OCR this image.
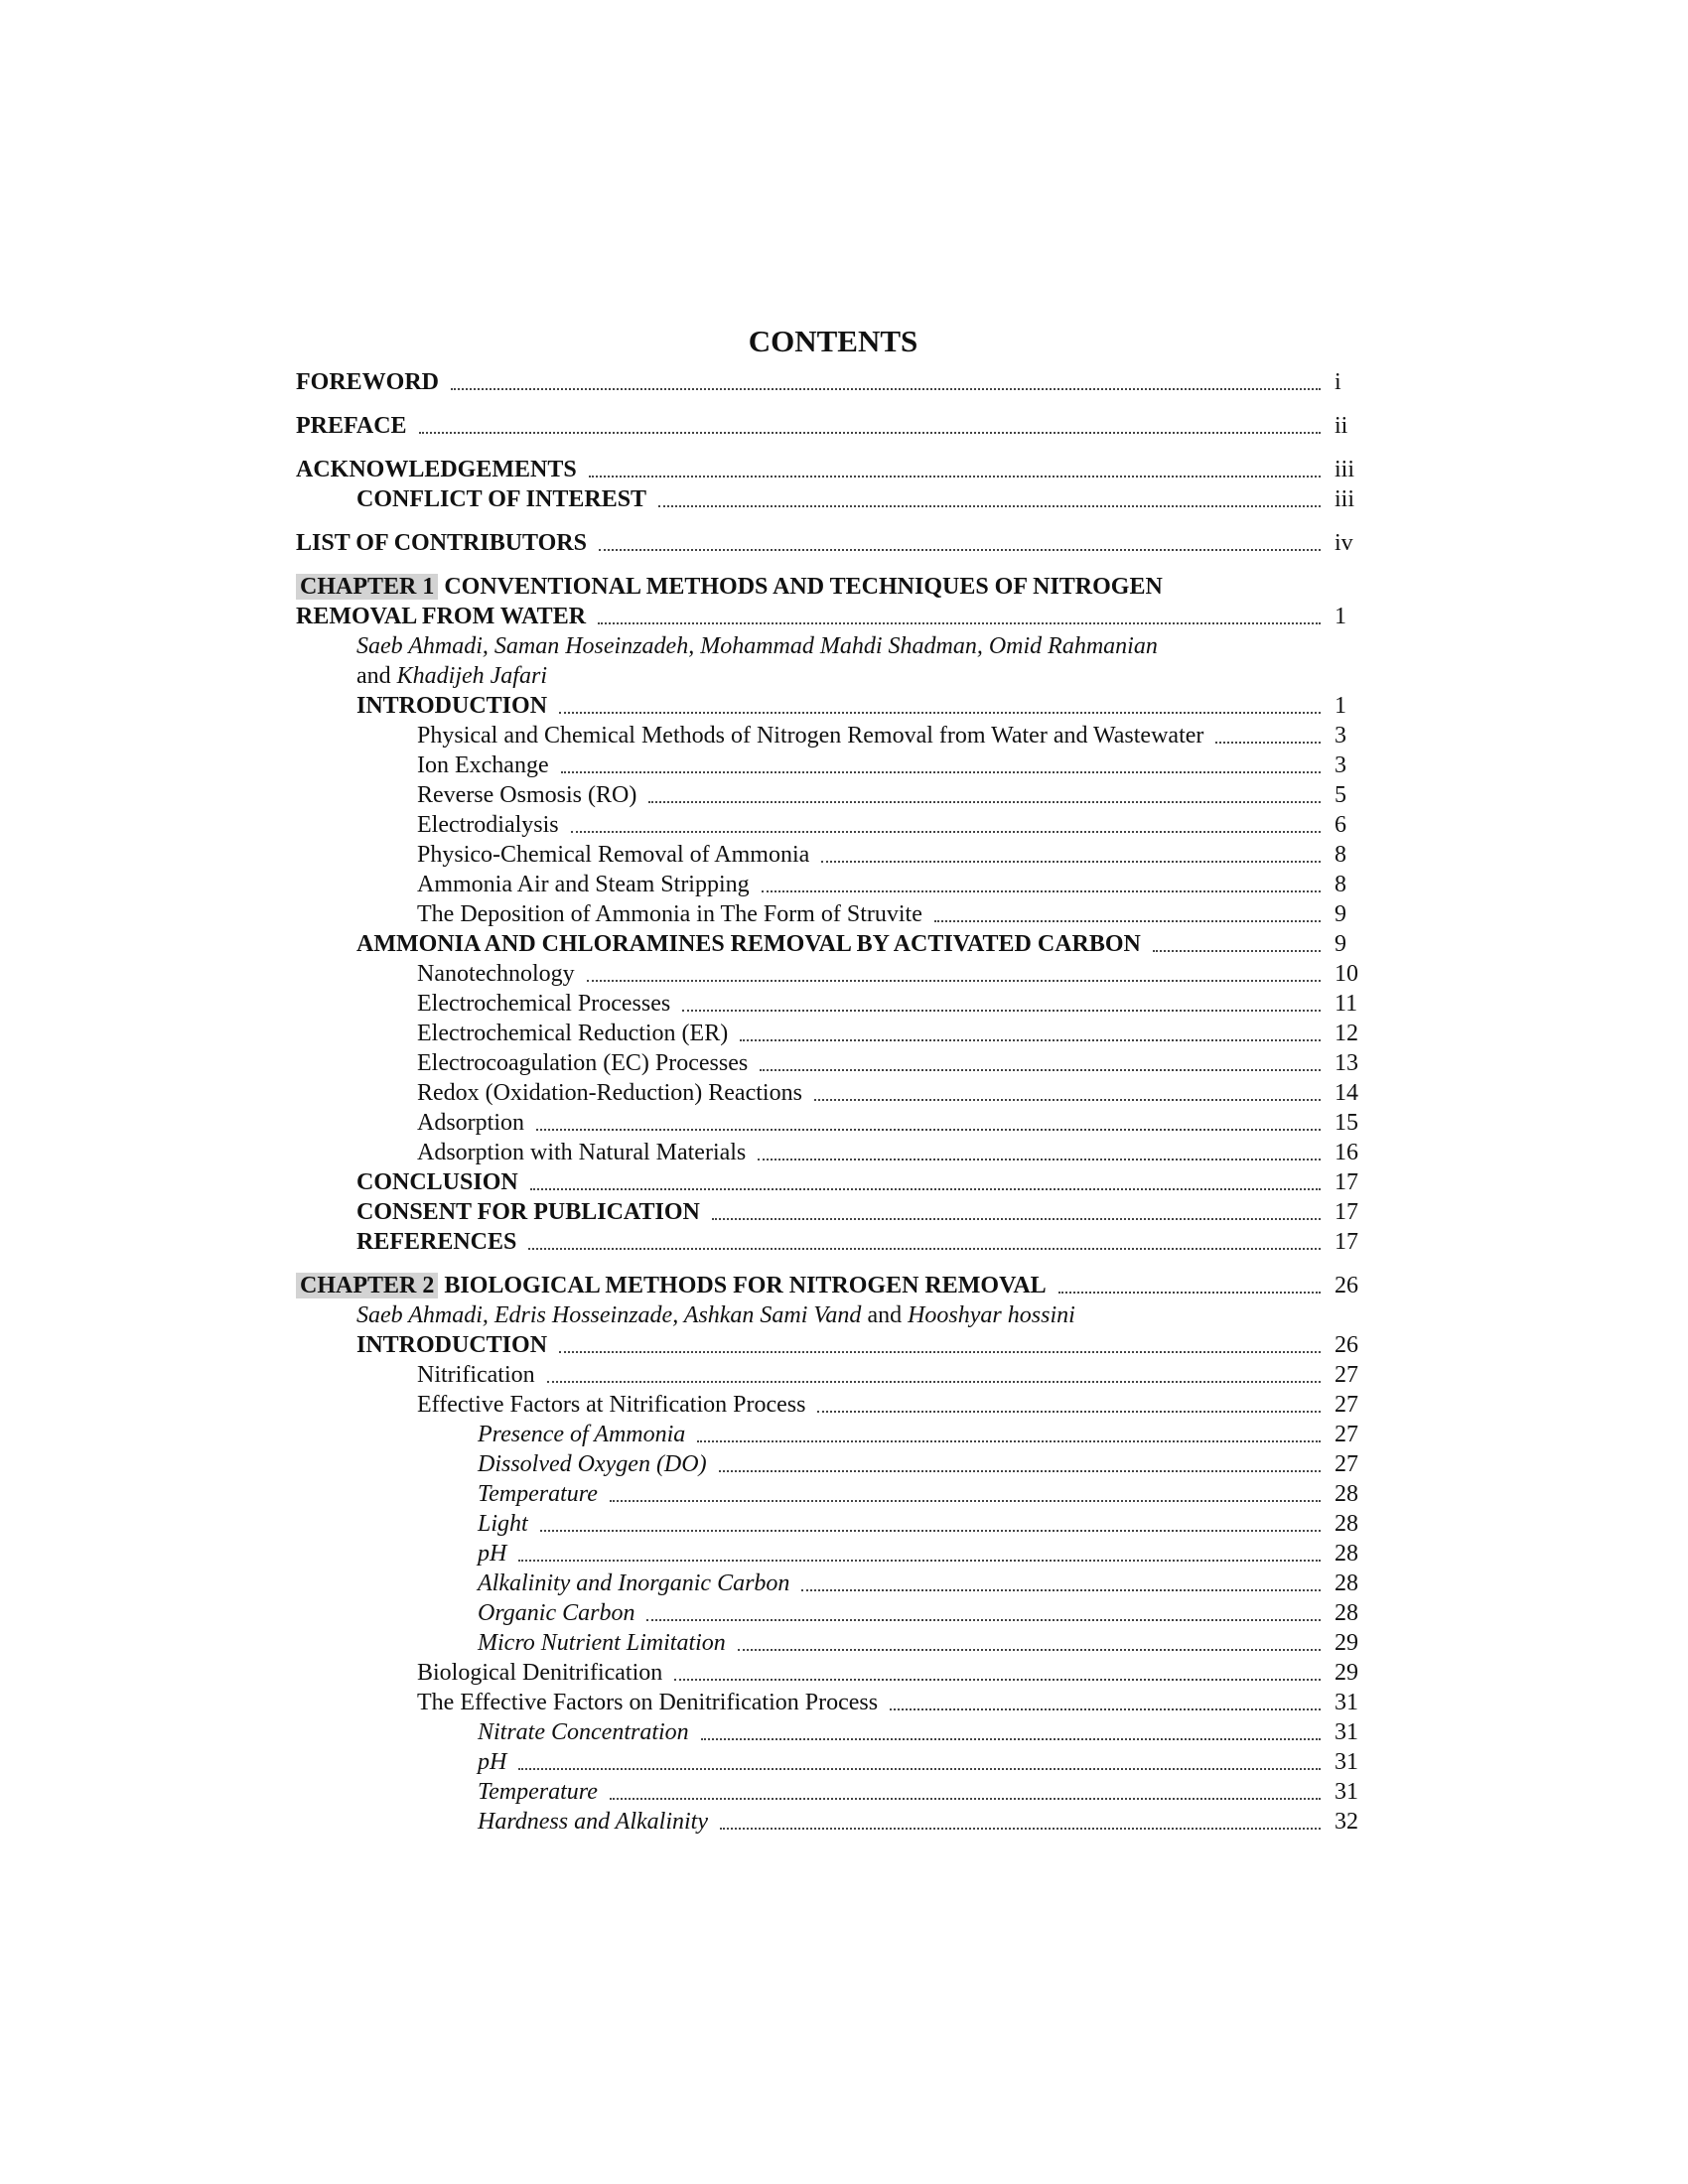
CONTENTS
FOREWORD	i
PREFACE	ii
ACKNOWLEDGEMENTS	iii
CONFLICT OF INTEREST	iii
LIST OF CONTRIBUTORS	iv
CHAPTER 1 CONVENTIONAL METHODS AND TECHNIQUES OF NITROGEN
REMOVAL FROM WATER	1
Saeb Ahmadi, Saman Hoseinzadeh, Mohammad Mahdi Shadman, Omid Rahmanian
and Khadijeh Jafari
INTRODUCTION	1
Physical and Chemical Methods of Nitrogen Removal from Water and Wastewater	3
Ion Exchange	3
Reverse Osmosis (RO)	5
Electrodialysis	6
Physico-Chemical Removal of Ammonia	8
Ammonia Air and Steam Stripping	8
The Deposition of Ammonia in The Form of Struvite	9
AMMONIA AND CHLORAMINES REMOVAL BY ACTIVATED CARBON	9
Nanotechnology	10
Electrochemical Processes	11
Electrochemical Reduction (ER)	12
Electrocoagulation (EC) Processes	13
Redox (Oxidation-Reduction) Reactions	14
Adsorption	15
Adsorption with Natural Materials	16
CONCLUSION	17
CONSENT FOR PUBLICATION	17
REFERENCES	17
CHAPTER 2 BIOLOGICAL METHODS FOR NITROGEN REMOVAL	26
Saeb Ahmadi, Edris Hosseinzade, Ashkan Sami Vand and Hooshyar hossini
INTRODUCTION	26
Nitrification	27
Effective Factors at Nitrification Process	27
Presence of Ammonia	27
Dissolved Oxygen (DO)	27
Temperature	28
Light	28
pH	28
Alkalinity and Inorganic Carbon	28
Organic Carbon	28
Micro Nutrient Limitation	29
Biological Denitrification	29
The Effective Factors on Denitrification Process	31
Nitrate Concentration	31
pH	31
Temperature	31
Hardness and Alkalinity	32
